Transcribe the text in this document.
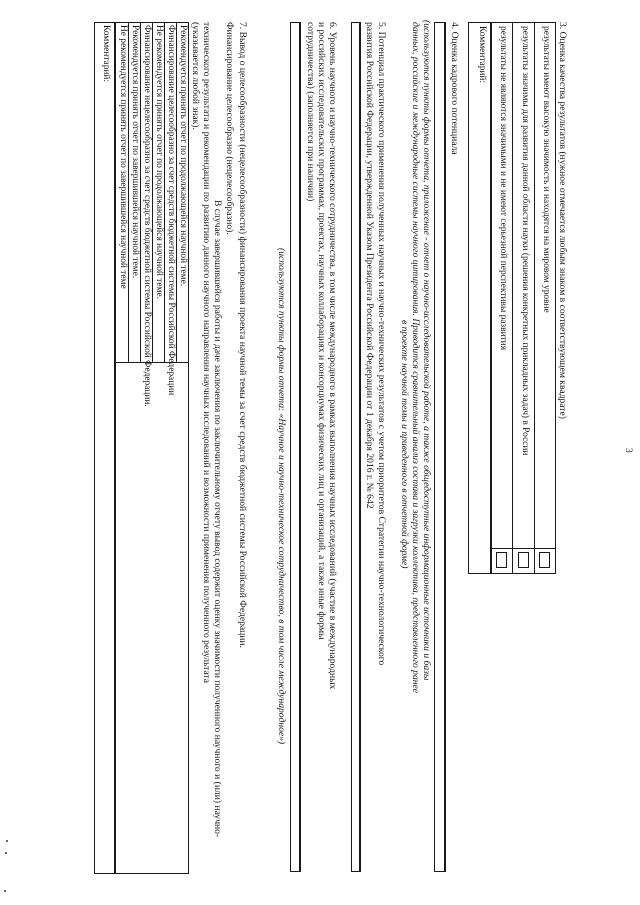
3
3. Оценка качества результатов (нужное отмечается любым знаком в соответствующем квадрате)
результаты имеют высокую значимость и находятся на мировом уровне
результаты значимы для развития данной области науки (решения конкретных прикладных задач) в России
результаты не являются значимыми и не имеют серьезной перспективы развития
Комментарий:
4. Оценка кадрового потенциала
(используются пункты формы отчета, приложение - отчет о научно-исследовательской работе, а также общедоступные информационные источники и базы
данных, российские и международные системы научного цитирования. Приводится сравнительный анализ состава и загрузки коллектива, представленного ранее
в проекте научной темы и приведенного в отчетной форме)
5. Потенциал практического применения полученных научных и научно-технических результатов с учетом приоритетов Стратегии научно-технологического
развития Российской Федерации, утвержденной Указом Президента Российской Федерации от 1 декабря 2016 г. № 642
6. Уровень научного и научно-технического сотрудничества, в том числе международного в рамках выполнения научных исследований (участие в международных
и российских исследовательских программах, проектах, научных коллаборациях и консорциумах физических лиц и организаций, а также иные формы
сотрудничества) (заполняется при наличии)
(используются пункты формы отчета: «Научное и научно-техническое сотрудничество, в том числе международное»)
7. Вывод о целесообразности (нецелесообразности) финансирования проекта научной темы за счет средств бюджетной системы Российской Федерации.
Финансирование целесообразно (нецелесообразно).
В случае завершившейся работы и даче заключения по заключительному отчету вывод содержит оценку значимости полученного научного и (или) научно-
технического результата и рекомендации по развитию данного научного направления научных исследований и возможности применения полученного результата
(указывается любой знак).
Рекомендуется принять отчет по продолжающейся научной теме.
Финансирование целесообразно за счет средств бюджетной системы Российской Федерации
Не рекомендуется принять отчет по продолжающейся научной теме.
Финансирование нецелесообразно за счет средств бюджетной системы Российской Федерации.
Рекомендуется принять отчет по завершившейся научной теме.
Не рекомендуется принять отчет по завершившейся научной теме
Комментарий:
